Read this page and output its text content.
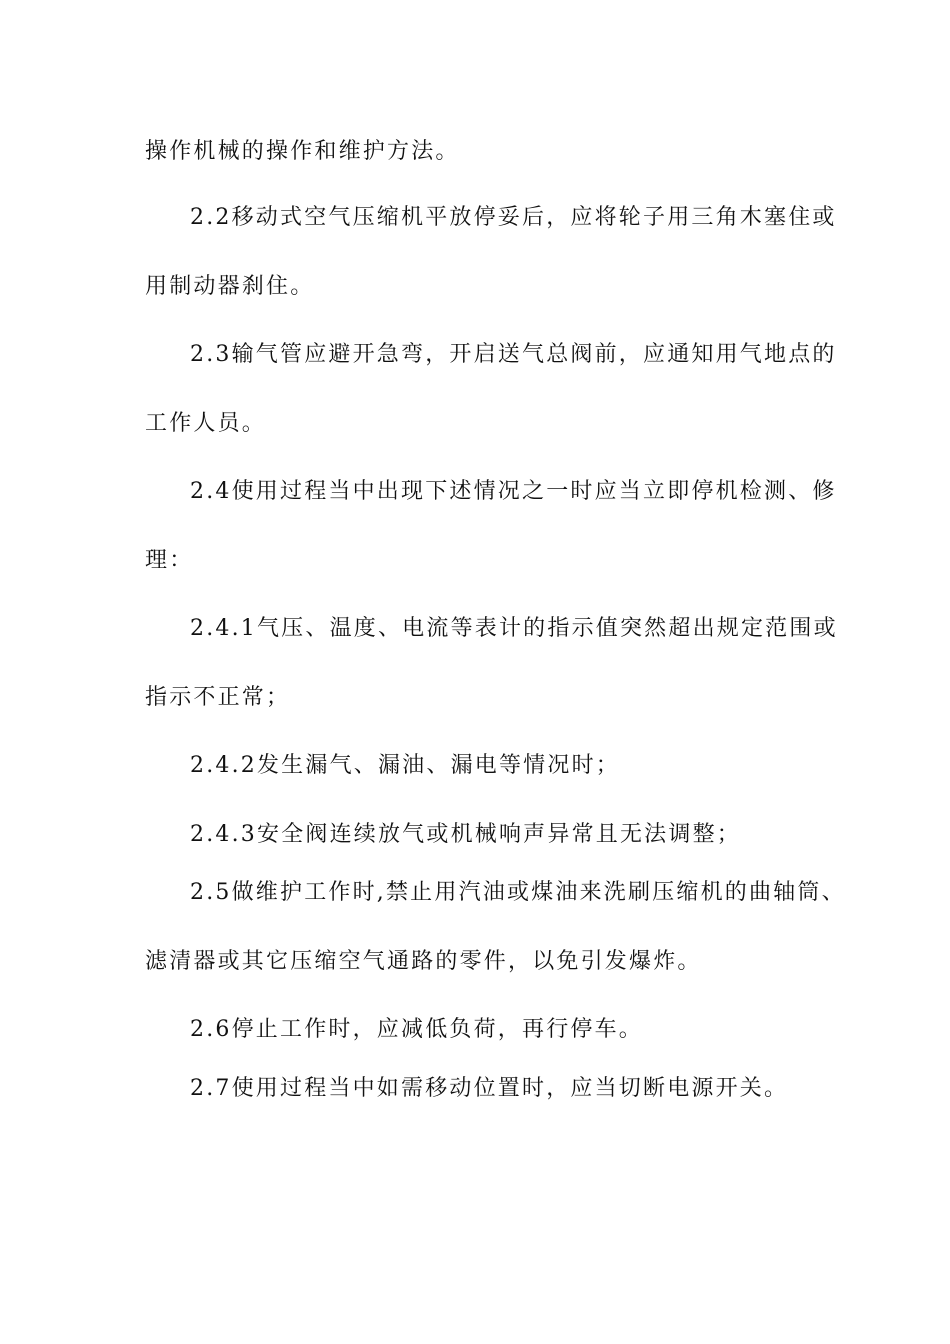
操作机械的操作和维护方法。
2.2移动式空气压缩机平放停妥后，应将轮子用三角木塞住或
用制动器刹住。
2.3输气管应避开急弯，开启送气总阀前，应通知用气地点的
工作人员。
2.4使用过程当中出现下述情况之一时应当立即停机检测、修
理：
2.4.1气压、温度、电流等表计的指示值突然超出规定范围或
指示不正常；
2.4.2发生漏气、漏油、漏电等情况时；
2.4.3安全阀连续放气或机械响声异常且无法调整；
2.5做维护工作时,禁止用汽油或煤油来洗刷压缩机的曲轴筒、
滤清器或其它压缩空气通路的零件，以免引发爆炸。
2.6停止工作时，应减低负荷，再行停车。
2.7使用过程当中如需移动位置时，应当切断电源开关。
